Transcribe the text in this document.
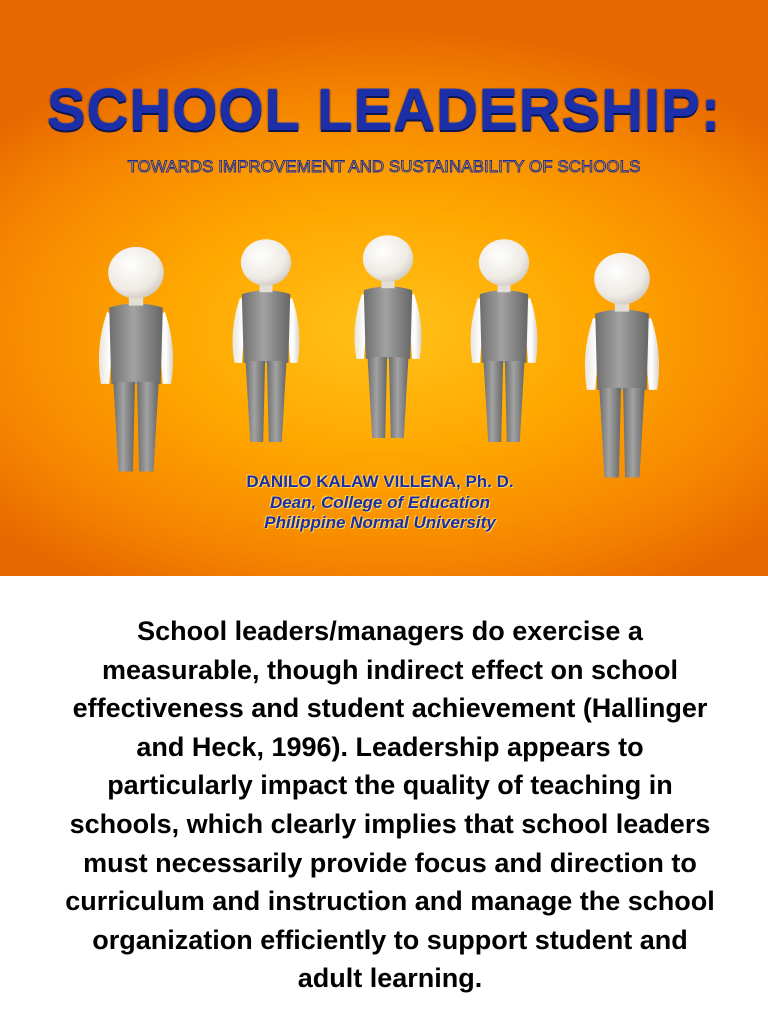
SCHOOL LEADERSHIP:
TOWARDS IMPROVEMENT AND SUSTAINABILITY OF SCHOOLS
DANILO KALAW VILLENA, Ph. D.
Dean, College of Education
Philippine Normal University
School leaders/managers do exercise a measurable, though indirect effect on school effectiveness and student achievement (Hallinger and Heck, 1996). Leadership appears to particularly impact the quality of teaching in schools, which clearly implies that school leaders must necessarily provide focus and direction to curriculum and instruction and manage the school organization efficiently to support student and adult learning.
